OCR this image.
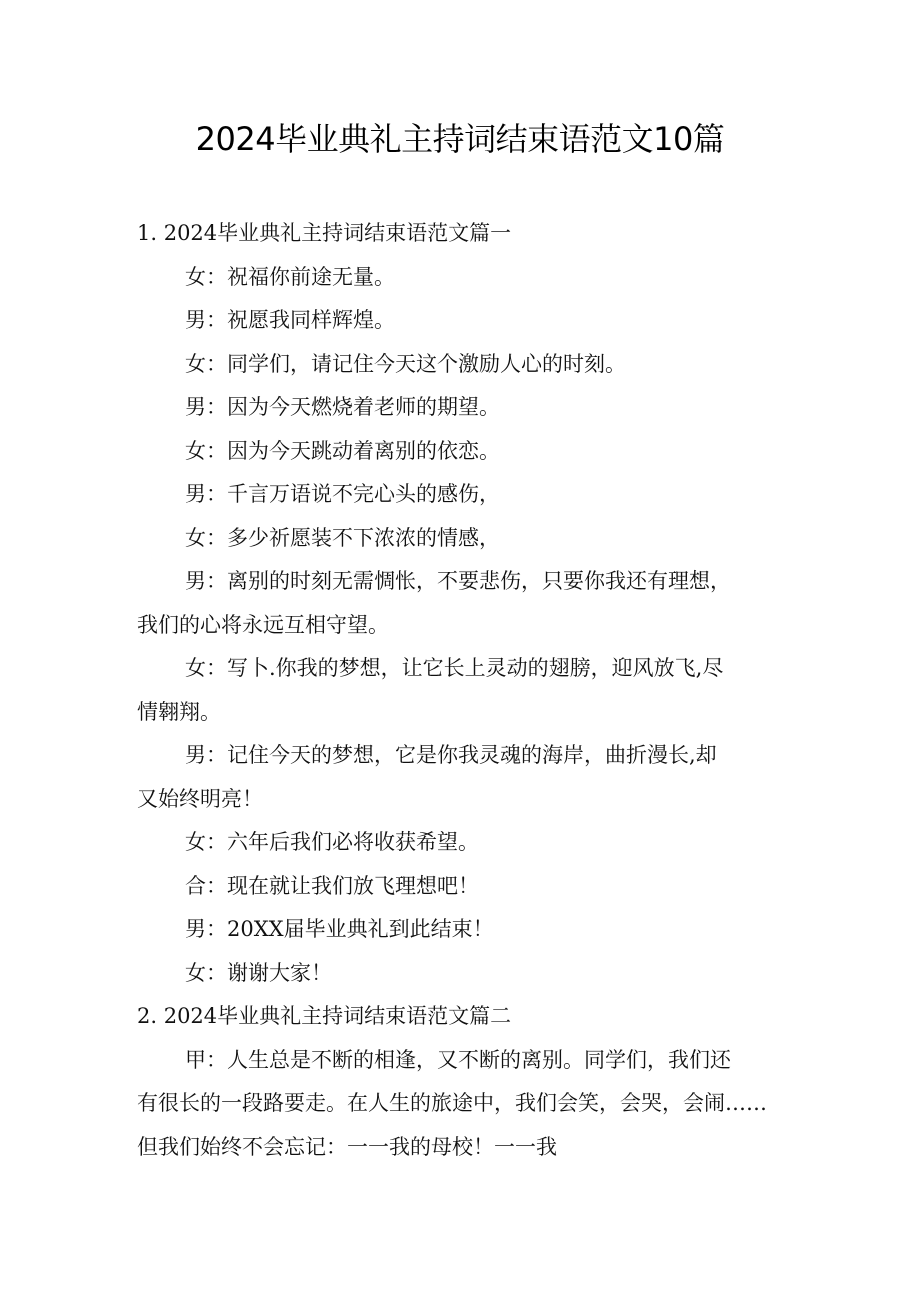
2024毕业典礼主持词结束语范文10篇
1. 2024毕业典礼主持词结束语范文篇一
女：祝福你前途无量。
男：祝愿我同样辉煌。
女：同学们，请记住今天这个激励人心的时刻。
男：因为今天燃烧着老师的期望。
女：因为今天跳动着离别的依恋。
男：千言万语说不完心头的感伤，
女：多少祈愿装不下浓浓的情感，
男：离别的时刻无需惆怅，不要悲伤，只要你我还有理想，
我们的心将永远互相守望。
女：写卜.你我的梦想，让它长上灵动的翅膀，迎风放飞,尽
情翱翔。
男：记住今天的梦想，它是你我灵魂的海岸，曲折漫长,却
又始终明亮！
女：六年后我们必将收获希望。
合：现在就让我们放飞理想吧！
男：20XX届毕业典礼到此结束！
女：谢谢大家！
2. 2024毕业典礼主持词结束语范文篇二
甲：人生总是不断的相逢，又不断的离别。同学们，我们还
有很长的一段路要走。在人生的旅途中，我们会笑，会哭，会闹……
但我们始终不会忘记：一一我的母校！一一我
